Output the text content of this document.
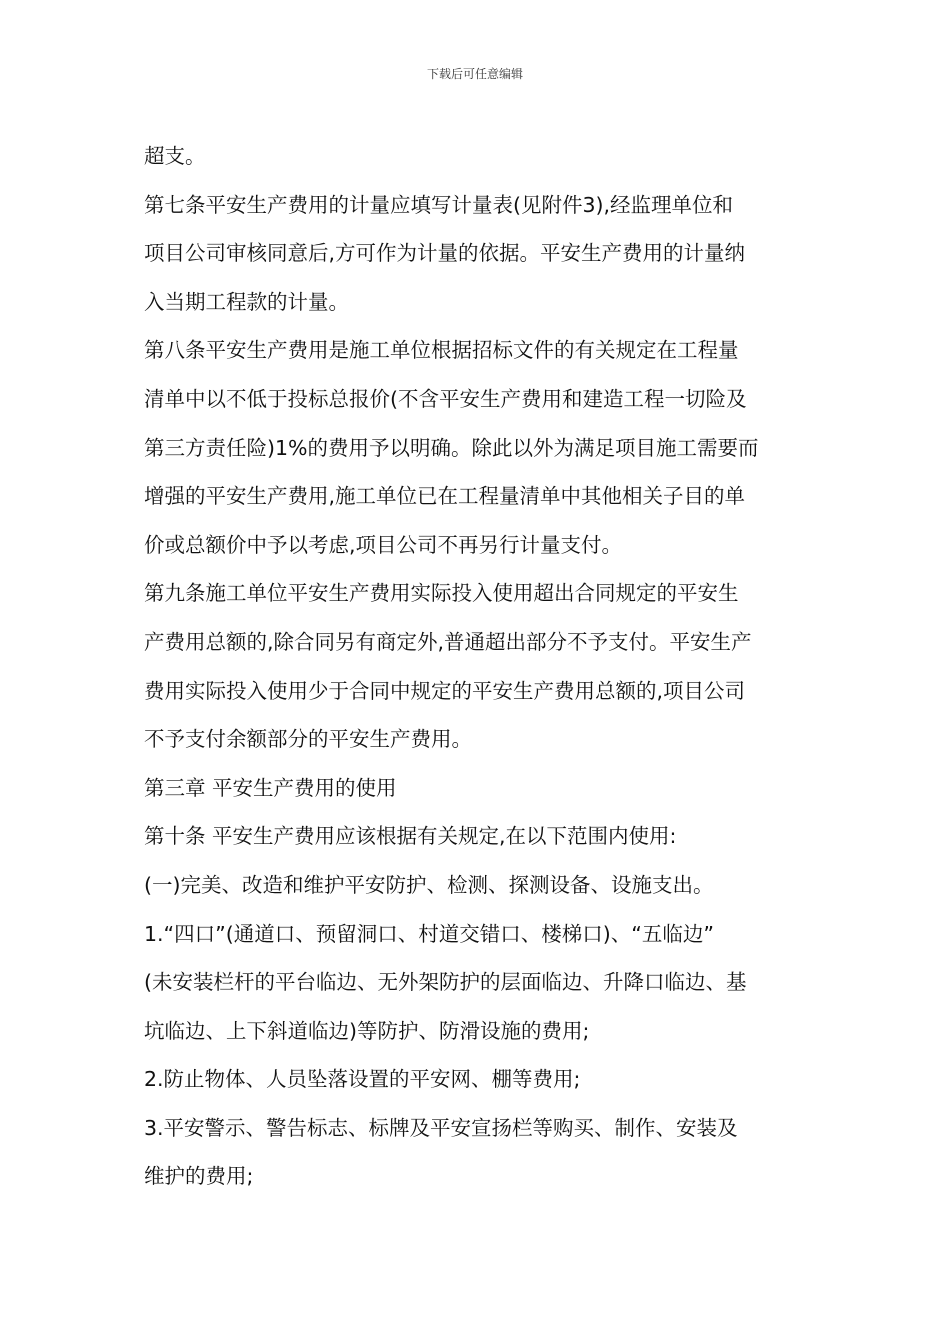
下载后可任意编辑
超支。
第七条平安生产费用的计量应填写计量表(见附件3),经监理单位和
项目公司审核同意后,方可作为计量的依据。平安生产费用的计量纳
入当期工程款的计量。
第八条平安生产费用是施工单位根据招标文件的有关规定在工程量
清单中以不低于投标总报价(不含平安生产费用和建造工程一切险及
第三方责任险)1%的费用予以明确。除此以外为满足项目施工需要而
增强的平安生产费用,施工单位已在工程量清单中其他相关子目的单
价或总额价中予以考虑,项目公司不再另行计量支付。
第九条施工单位平安生产费用实际投入使用超出合同规定的平安生
产费用总额的,除合同另有商定外,普通超出部分不予支付。平安生产
费用实际投入使用少于合同中规定的平安生产费用总额的,项目公司
不予支付余额部分的平安生产费用。
第三章 平安生产费用的使用
第十条 平安生产费用应该根据有关规定,在以下范围内使用:
(一)完美、改造和维护平安防护、检测、探测设备、设施支出。
1.“四口”(通道口、预留洞口、村道交错口、楼梯口)、“五临边”
(未安装栏杆的平台临边、无外架防护的层面临边、升降口临边、基
坑临边、上下斜道临边)等防护、防滑设施的费用;
2.防止物体、人员坠落设置的平安网、棚等费用;
3.平安警示、警告标志、标牌及平安宣扬栏等购买、制作、安装及
维护的费用;
